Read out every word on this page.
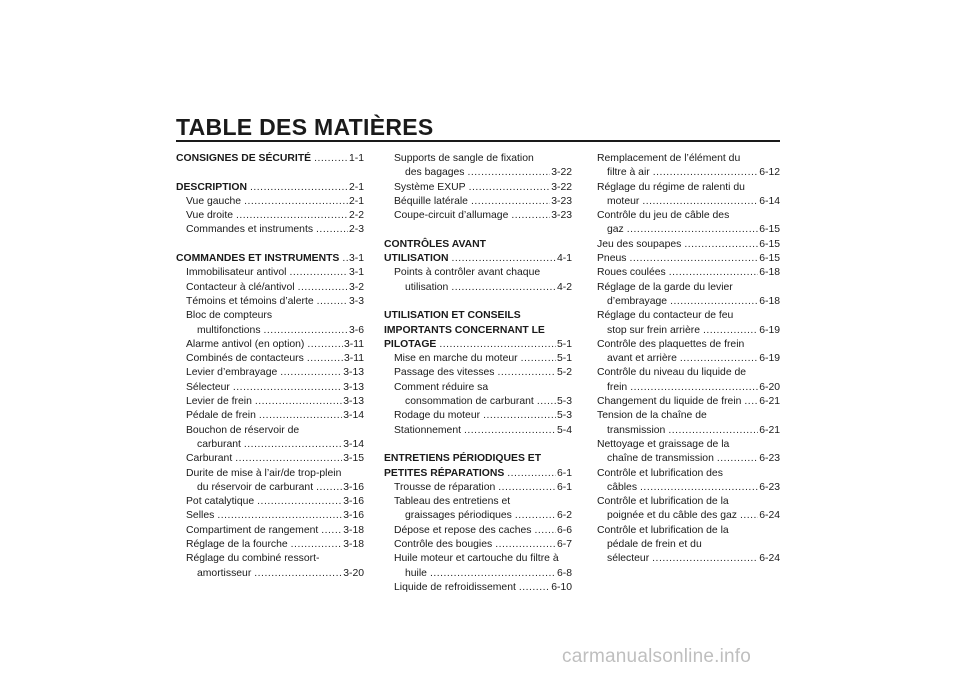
TABLE DES MATIÈRES
CONSIGNES DE SÉCURITÉ .....	1-1
DESCRIPTION .....	2-1
Vue gauche .....	2-1
Vue droite .....	2-2
Commandes et instruments .....	2-3
COMMANDES ET INSTRUMENTS ..... 3-1
Immobilisateur antivol .....	3-1
Contacteur à clé/antivol .....	3-2
Témoins et témoins d’alerte .....	3-3
Bloc de compteurs
multifonctions .....	3-6
Alarme antivol (en option) .....	3-11
Combinés de contacteurs .....	3-11
Levier d’embrayage .....	3-13
Sélecteur .....	3-13
Levier de frein .....	3-13
Pédale de frein .....	3-14
Bouchon de réservoir de
carburant .....	3-14
Carburant .....	3-15
Durite de mise à l’air/de trop-plein
du réservoir de carburant .....	3-16
Pot catalytique .....	3-16
Selles .....	3-16
Compartiment de rangement ..... 3-18
Réglage de la fourche .....	3-18
Réglage du combiné ressort-
amortisseur .....	3-20
Supports de sangle de fixation
des bagages .....	3-22
Système EXUP .....	3-22
Béquille latérale .....	3-23
Coupe-circuit d’allumage .....	3-23
CONTRÔLES AVANT
UTILISATION .....	4-1
Points à contrôler avant chaque
utilisation .....	4-2
UTILISATION ET CONSEILS
IMPORTANTS CONCERNANT LE
PILOTAGE .....	5-1
Mise en marche du moteur .....	5-1
Passage des vitesses .....	5-2
Comment réduire sa
consommation de carburant ..... 5-3
Rodage du moteur .....	5-3
Stationnement .....	5-4
ENTRETIENS PÉRIODIQUES ET
PETITES RÉPARATIONS .....	6-1
Trousse de réparation .....	6-1
Tableau des entretiens et
graissages périodiques .....	6-2
Dépose et repose des caches ..... 6-6
Contrôle des bougies .....	6-7
Huile moteur et cartouche du filtre à
huile .....	6-8
Liquide de refroidissement .....	6-10
Remplacement de l’élément du
filtre à air .....	6-12
Réglage du régime de ralenti du
moteur .....	6-14
Contrôle du jeu de câble des
gaz .....	6-15
Jeu des soupapes .....	6-15
Pneus .....	6-15
Roues coulées .....	6-18
Réglage de la garde du levier
d’embrayage .....	6-18
Réglage du contacteur de feu
stop sur frein arrière .....	6-19
Contrôle des plaquettes de frein
avant et arrière .....	6-19
Contrôle du niveau du liquide de
frein .....	6-20
Changement du liquide de frein ..... 6-21
Tension de la chaîne de
transmission .....	6-21
Nettoyage et graissage de la
chaîne de transmission .....	6-23
Contrôle et lubrification des
câbles .....	6-23
Contrôle et lubrification de la
poignée et du câble des gaz ..... 6-24
Contrôle et lubrification de la
pédale de frein et du
sélecteur .....	6-24
carmanualsonline.info
